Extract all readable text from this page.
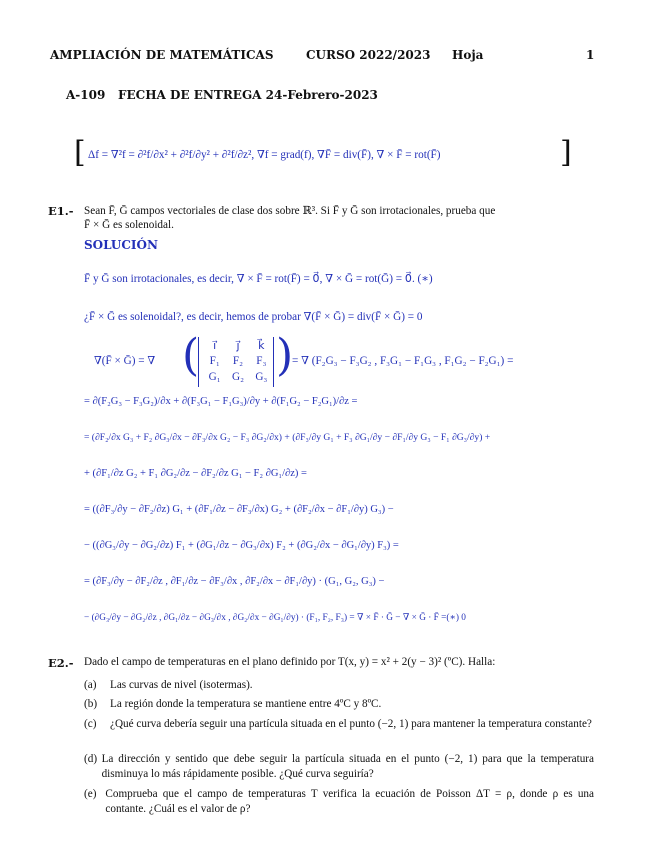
AMPLIACIÓN DE MATEMÁTICAS	CURSO 2022/2023 Hoja	1
A-109 FECHA DE ENTREGA 24-Febrero-2023
[ Δf = ∇²f = ∂²f/∂x² + ∂²f/∂y² + ∂²f/∂z², ∇f = grad(f), ∇F̄ = div(F̄), ∇ × F̄ = rot(F̄)	]
E1.- Sean F̄, Ḡ campos vectoriales de clase dos sobre ℝ³. Si F̄ y Ḡ son irrotacionales, prueba que
F̄ × Ḡ es solenoidal.
SOLUCIÓN
F̄ y Ḡ son irrotacionales, es decir, ∇ × F̄ = rot(F̄) = 0⃗, ∇ × Ḡ = rot(Ḡ) = 0⃗. (∗)
¿F̄ × Ḡ es solenoidal?, es decir, hemos de probar ∇(F̄ × Ḡ) = div(F̄ × Ḡ) = 0
∇(F̄ × Ḡ) = ∇ ( i⃗	j⃗	k⃗
F₁	F₂	F₃
G₁	G₂	G₃ )
= ∇ (F₂G₃ − F₃G₂ , F₃G₁ − F₁G₃ , F₁G₂ − F₂G₁) =
= ∂(F₂G₃ − F₃G₂)/∂x + ∂(F₃G₁ − F₁G₃)/∂y + ∂(F₁G₂ − F₂G₁)/∂z =
= (∂F₂/∂x G₃ + F₂ ∂G₃/∂x − ∂F₃/∂x G₂ − F₃ ∂G₂/∂x) + (∂F₃/∂y G₁ + F₃ ∂G₁/∂y − ∂F₁/∂y G₃ − F₁ ∂G₃/∂y) +
+ (∂F₁/∂z G₂ + F₁ ∂G₂/∂z − ∂F₂/∂z G₁ − F₂ ∂G₁/∂z) =
= ((∂F₃/∂y − ∂F₂/∂z) G₁ + (∂F₁/∂z − ∂F₃/∂x) G₂ + (∂F₂/∂x − ∂F₁/∂y) G₃) −
− ((∂G₃/∂y − ∂G₂/∂z) F₁ + (∂G₁/∂z − ∂G₃/∂x) F₂ + (∂G₂/∂x − ∂G₁/∂y) F₃) =
= (∂F₃/∂y − ∂F₂/∂z , ∂F₁/∂z − ∂F₃/∂x , ∂F₂/∂x − ∂F₁/∂y) · (G₁, G₂, G₃) −
− (∂G₃/∂y − ∂G₂/∂z , ∂G₁/∂z − ∂G₃/∂x , ∂G₂/∂x − ∂G₁/∂y) · (F₁, F₂, F₃) = ∇ × F̄ · Ḡ − ∇ × Ḡ · F̄ =(∗) 0
E2.- Dado el campo de temperaturas en el plano definido por T(x, y) = x² + 2(y − 3)² (ºC). Halla:
(a)	Las curvas de nivel (isotermas).
(b)	La región donde la temperatura se mantiene entre 4ºC y 8ºC.
(c)	¿Qué curva debería seguir una partícula situada en el punto (−2, 1) para mantener la temperatura constante?
(d) La dirección y sentido que debe seguir la partícula situada en el punto (−2, 1) para que la temperatura disminuya lo más rápidamente posible. ¿Qué curva seguiría?
(e) Comprueba que el campo de temperaturas T verifica la ecuación de Poisson ΔT = ρ, donde ρ es una contante. ¿Cuál es el valor de ρ?
